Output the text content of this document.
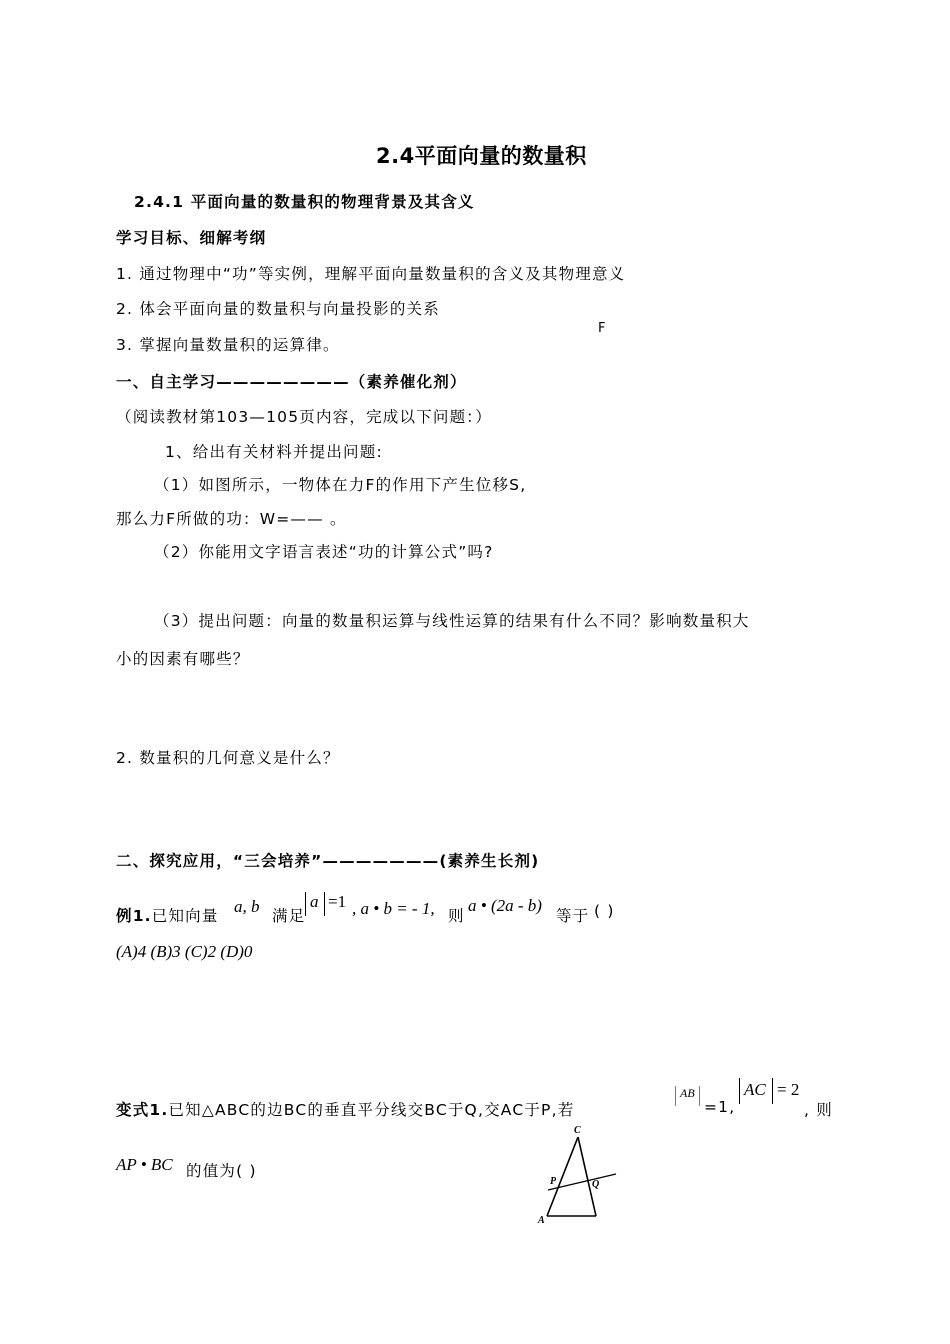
2.4平面向量的数量积
2.4.1 平面向量的数量积的物理背景及其含义
学习目标、细解考纲
1. 通过物理中“功”等实例，理解平面向量数量积的含义及其物理意义
2. 体会平面向量的数量积与向量投影的关系
3. 掌握向量数量积的运算律。
F
一、自主学习————————（素养催化剂）
（阅读教材第103—105页内容，完成以下问题：）
1、给出有关材料并提出问题:
（1）如图所示，一物体在力F的作用下产生位移S,
那么力F所做的功：W=—— 。
（2）你能用文字语言表述“功的计算公式”吗?
（3）提出问题：向量的数量积运算与线性运算的结果有什么不同？影响数量积大
小的因素有哪些？
2. 数量积的几何意义是什么？
二、探究应用，“三会培养”———————(素养生长剂)
例1.已知向量 a, b 满足
a =1 , a • b = - 1, 则
a • (2a - b)
等于 ( )
(A)4 (B)3 (C)2 (D)0
变式1.已知△ABC的边BC的垂直平分线交BC于Q,交AC于P,若
AB
=1,
AC = 2
, 则
AP • BC 的值为( )
C
P	Q
A
